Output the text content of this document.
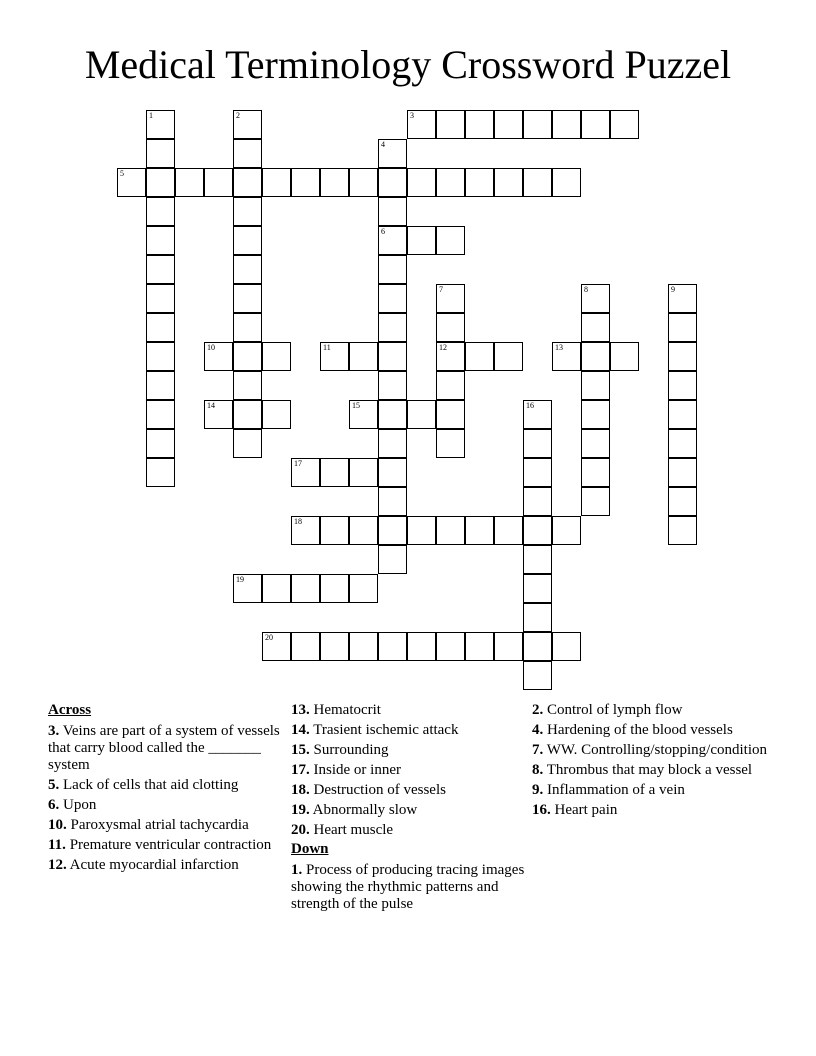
Medical Terminology Crossword Puzzel
1	2	3
4
6
5
7
12
8	9
10	11	13
14	15	16
17
18
19
20
Across
3. Veins are part of a system of vessels that carry blood called the _______ system
5. Lack of cells that aid clotting
6. Upon
10. Paroxysmal atrial tachycardia
11. Premature ventricular contraction
12. Acute myocardial infarction
13. Hematocrit
14. Trasient ischemic attack
15. Surrounding
17. Inside or inner
18. Destruction of vessels
19. Abnormally slow
20. Heart muscle
Down
1. Process of producing tracing images showing the rhythmic patterns and strength of the pulse
2. Control of lymph flow
4. Hardening of the blood vessels
7. WW. Controlling/stopping/condition
8. Thrombus that may block a vessel
9. Inflammation of a vein
16. Heart pain
